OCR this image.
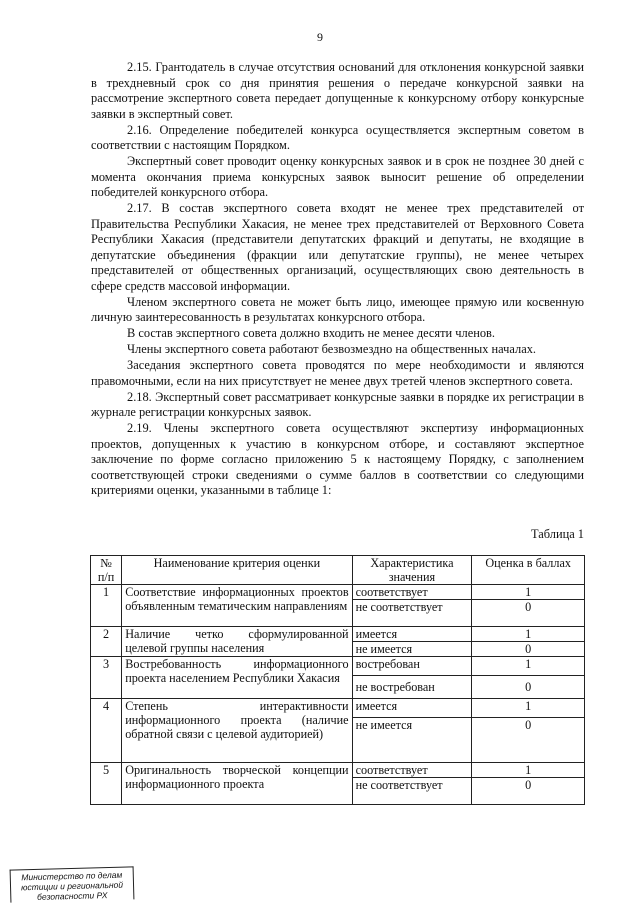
9

2.15. Грантодатель в случае отсутствия оснований для отклонения конкурсной заявки в трехдневный срок со дня принятия решения о передаче конкурсной заявки на рассмотрение экспертного совета передает допущенные к конкурсному отбору конкурсные заявки в экспертный совет.

2.16. Определение победителей конкурса осуществляется экспертным советом в соответствии с настоящим Порядком.

Экспертный совет проводит оценку конкурсных заявок и в срок не позднее 30 дней с момента окончания приема конкурсных заявок выносит решение об определении победителей конкурсного отбора.

2.17. В состав экспертного совета входят не менее трех представителей от Правительства Республики Хакасия, не менее трех представителей от Верховного Совета Республики Хакасия (представители депутатских фракций и депутаты, не входящие в депутатские объединения (фракции или депутатские группы), не менее четырех представителей от общественных организаций, осуществляющих свою деятельность в сфере средств массовой информации.

Членом экспертного совета не может быть лицо, имеющее прямую или косвенную личную заинтересованность в результатах конкурсного отбора.

В состав экспертного совета должно входить не менее десяти членов.

Члены экспертного совета работают безвозмездно на общественных началах.

Заседания экспертного совета проводятся по мере необходимости и являются правомочными, если на них присутствует не менее двух третей членов экспертного совета.

2.18. Экспертный совет рассматривает конкурсные заявки в порядке их регистрации в журнале регистрации конкурсных заявок.

2.19. Члены экспертного совета осуществляют экспертизу информационных проектов, допущенных к участию в конкурсном отборе, и составляют экспертное заключение по форме согласно приложению 5 к настоящему Порядку, с заполнением соответствующей строки сведениями о сумме баллов в соответствии со следующими критериями оценки, указанными в таблице 1:

Таблица 1
№ п/п	Наименование критерия оценки	Характеристика значения	Оценка в баллах
1	Соответствие информационных проектов объявленным тематическим направлениям	соответствует	1
		не соответствует	0
2	Наличие четко сформулированной целевой группы населения	имеется	1
		не имеется	0
3	Востребованность информационного проекта населением Республики Хакасия	востребован	1
		не востребован	0
4	Степень интерактивности информационного проекта (наличие обратной связи с целевой аудиторией)	имеется	1
		не имеется	0
5	Оригинальность творческой концепции информационного проекта	соответствует	1
		не соответствует	0
Министерство по делам
юстиции и региональной
безопасности РХ
